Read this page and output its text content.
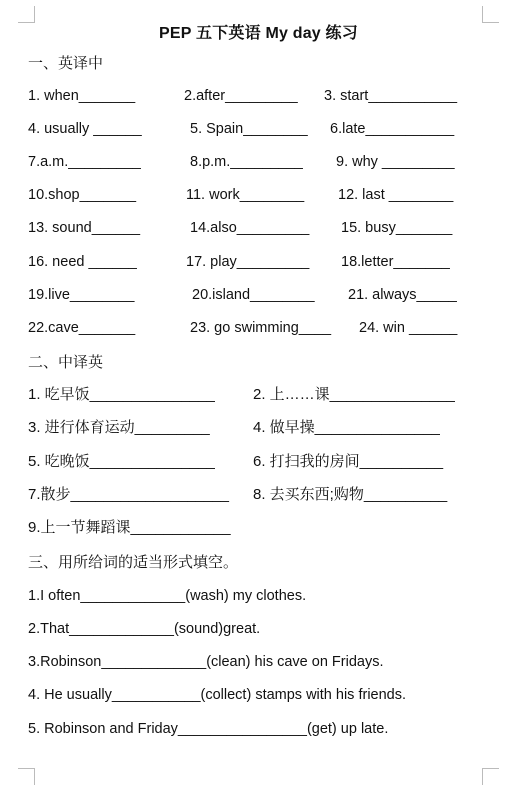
PEP 五下英语 My day 练习
一、英译中
1. when_______	2.after_________ 3. start___________
4. usually ______	5. Spain________ 6.late___________
7.a.m._________	8.p.m._________ 9. why _________
10.shop_______	11. work________ 12. last ________
13. sound______	14.also_________ 15. busy_______
16. need ______	17. play_________ 18.letter_______
19.live________	20.island________ 21. always_____
22.cave_______	23. go swimming____ 24. win ______
二、中译英
1. 吃早饭_______________	2. 上……课_______________
3. 进行体育运动_________	4. 做早操_______________
5. 吃晚饭_______________	6. 打扫我的房间__________
7.散步___________________ 8. 去买东西;购物__________
9.上一节舞蹈课____________
三、用所给词的适当形式填空。
1.I often_____________(wash) my clothes.
2.That_____________(sound)great.
3.Robinson_____________(clean) his cave on Fridays.
4. He usually___________(collect) stamps with his friends.
5. Robinson and Friday________________(get) up late.
